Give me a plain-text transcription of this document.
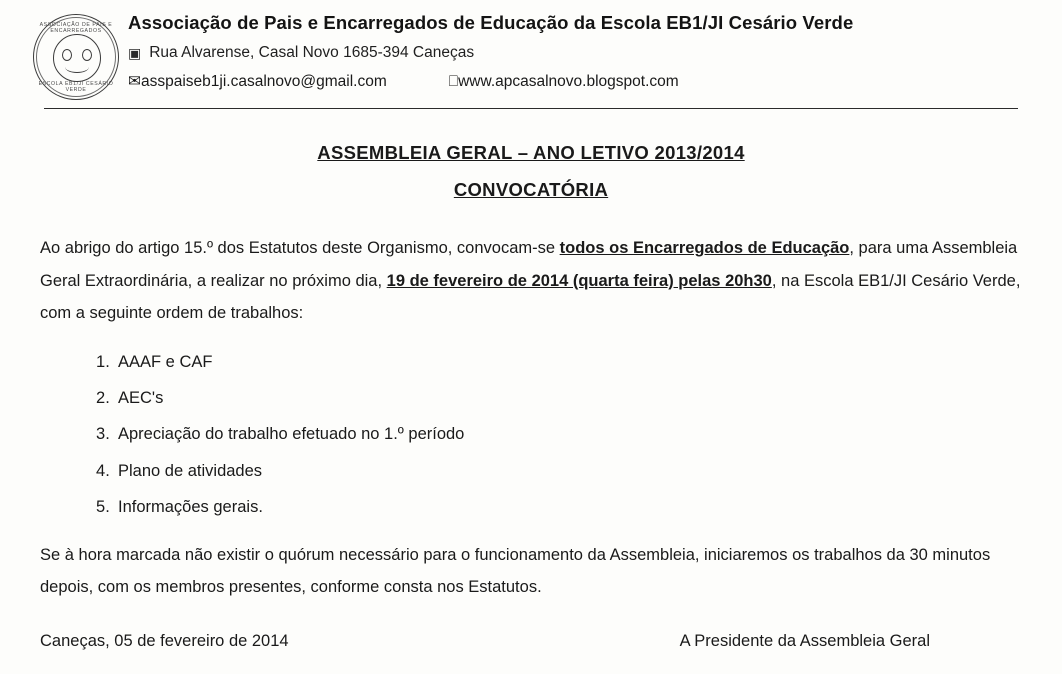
ASSOCIAÇÃO DE PAIS E ENCARREGADOS
ESCOLA EB1/JI CESÁRIO VERDE
Associação de Pais e Encarregados de Educação da Escola EB1/JI Cesário Verde
▣ Rua Alvarense, Casal Novo 1685-394 Caneças
✉ asspaiseb1ji.casalnovo@gmail.com	⎕ www.apcasalnovo.blogspot.com
ASSEMBLEIA GERAL – ANO LETIVO 2013/2014
CONVOCATÓRIA
Ao abrigo do artigo 15.º dos Estatutos deste Organismo, convocam-se todos os Encarregados de Educação, para uma Assembleia Geral Extraordinária, a realizar no próximo dia, 19 de fevereiro de 2014 (quarta feira) pelas 20h30, na Escola EB1/JI Cesário Verde, com a seguinte ordem de trabalhos:
AAAF e CAF
AEC's
Apreciação do trabalho efetuado no 1.º período
Plano de atividades
Informações gerais.
Se à hora marcada não existir o quórum necessário para o funcionamento da Assembleia, iniciaremos os trabalhos da 30 minutos depois, com os membros presentes, conforme consta nos Estatutos.
Caneças, 05 de fevereiro de 2014	A Presidente da Assembleia Geral
